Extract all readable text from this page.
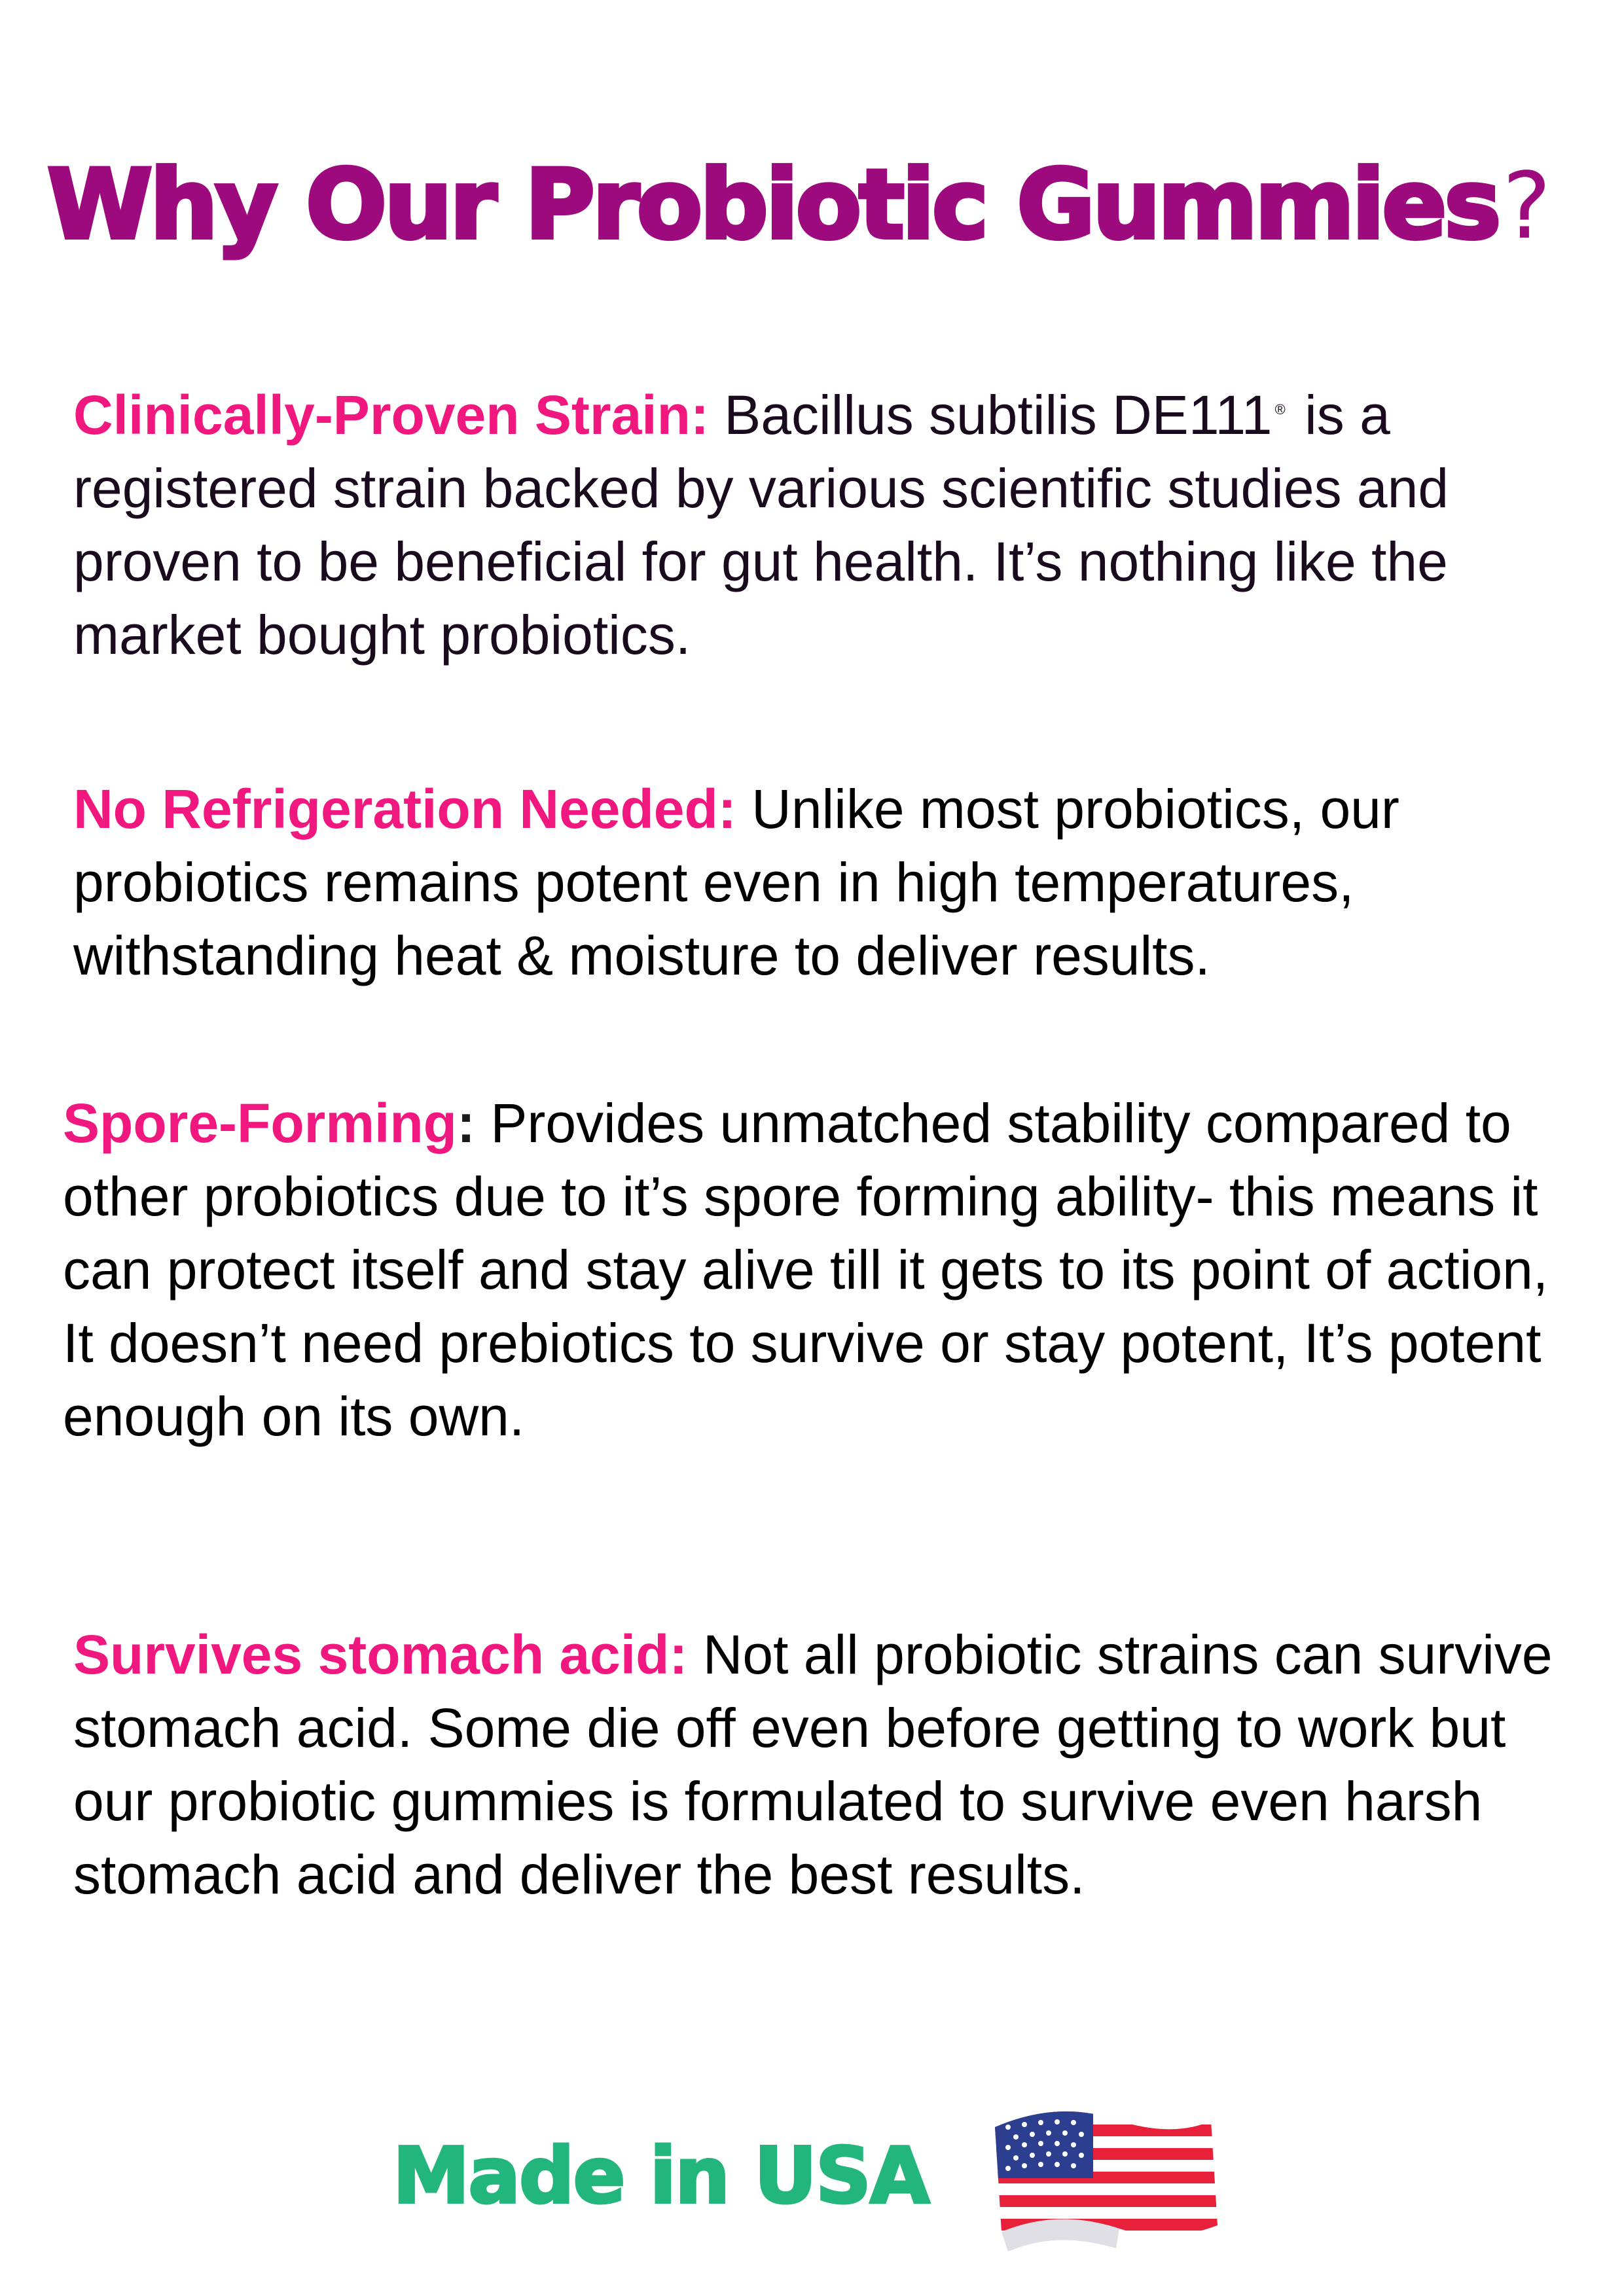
Why Our Probiotic Gummies?

Clinically-Proven Strain: Bacillus subtilis DE111 ® is a registered strain backed by various scientific studies and proven to be beneficial for gut health. It’s nothing like the market bought probiotics.

No Refrigeration Needed: Unlike most probiotics, our probiotics remains potent even in high temperatures, withstanding heat & moisture to deliver results.

Spore-Forming: Provides unmatched stability compared to other probiotics due to it’s spore forming ability- this means it can protect itself and stay alive till it gets to its point of action, It doesn’t need prebiotics to survive or stay potent, It’s potent enough on its own.

Survives stomach acid: Not all probiotic strains can survive stomach acid. Some die off even before getting to work but our probiotic gummies is formulated to survive even harsh stomach acid and deliver the best results.

Made in USA
